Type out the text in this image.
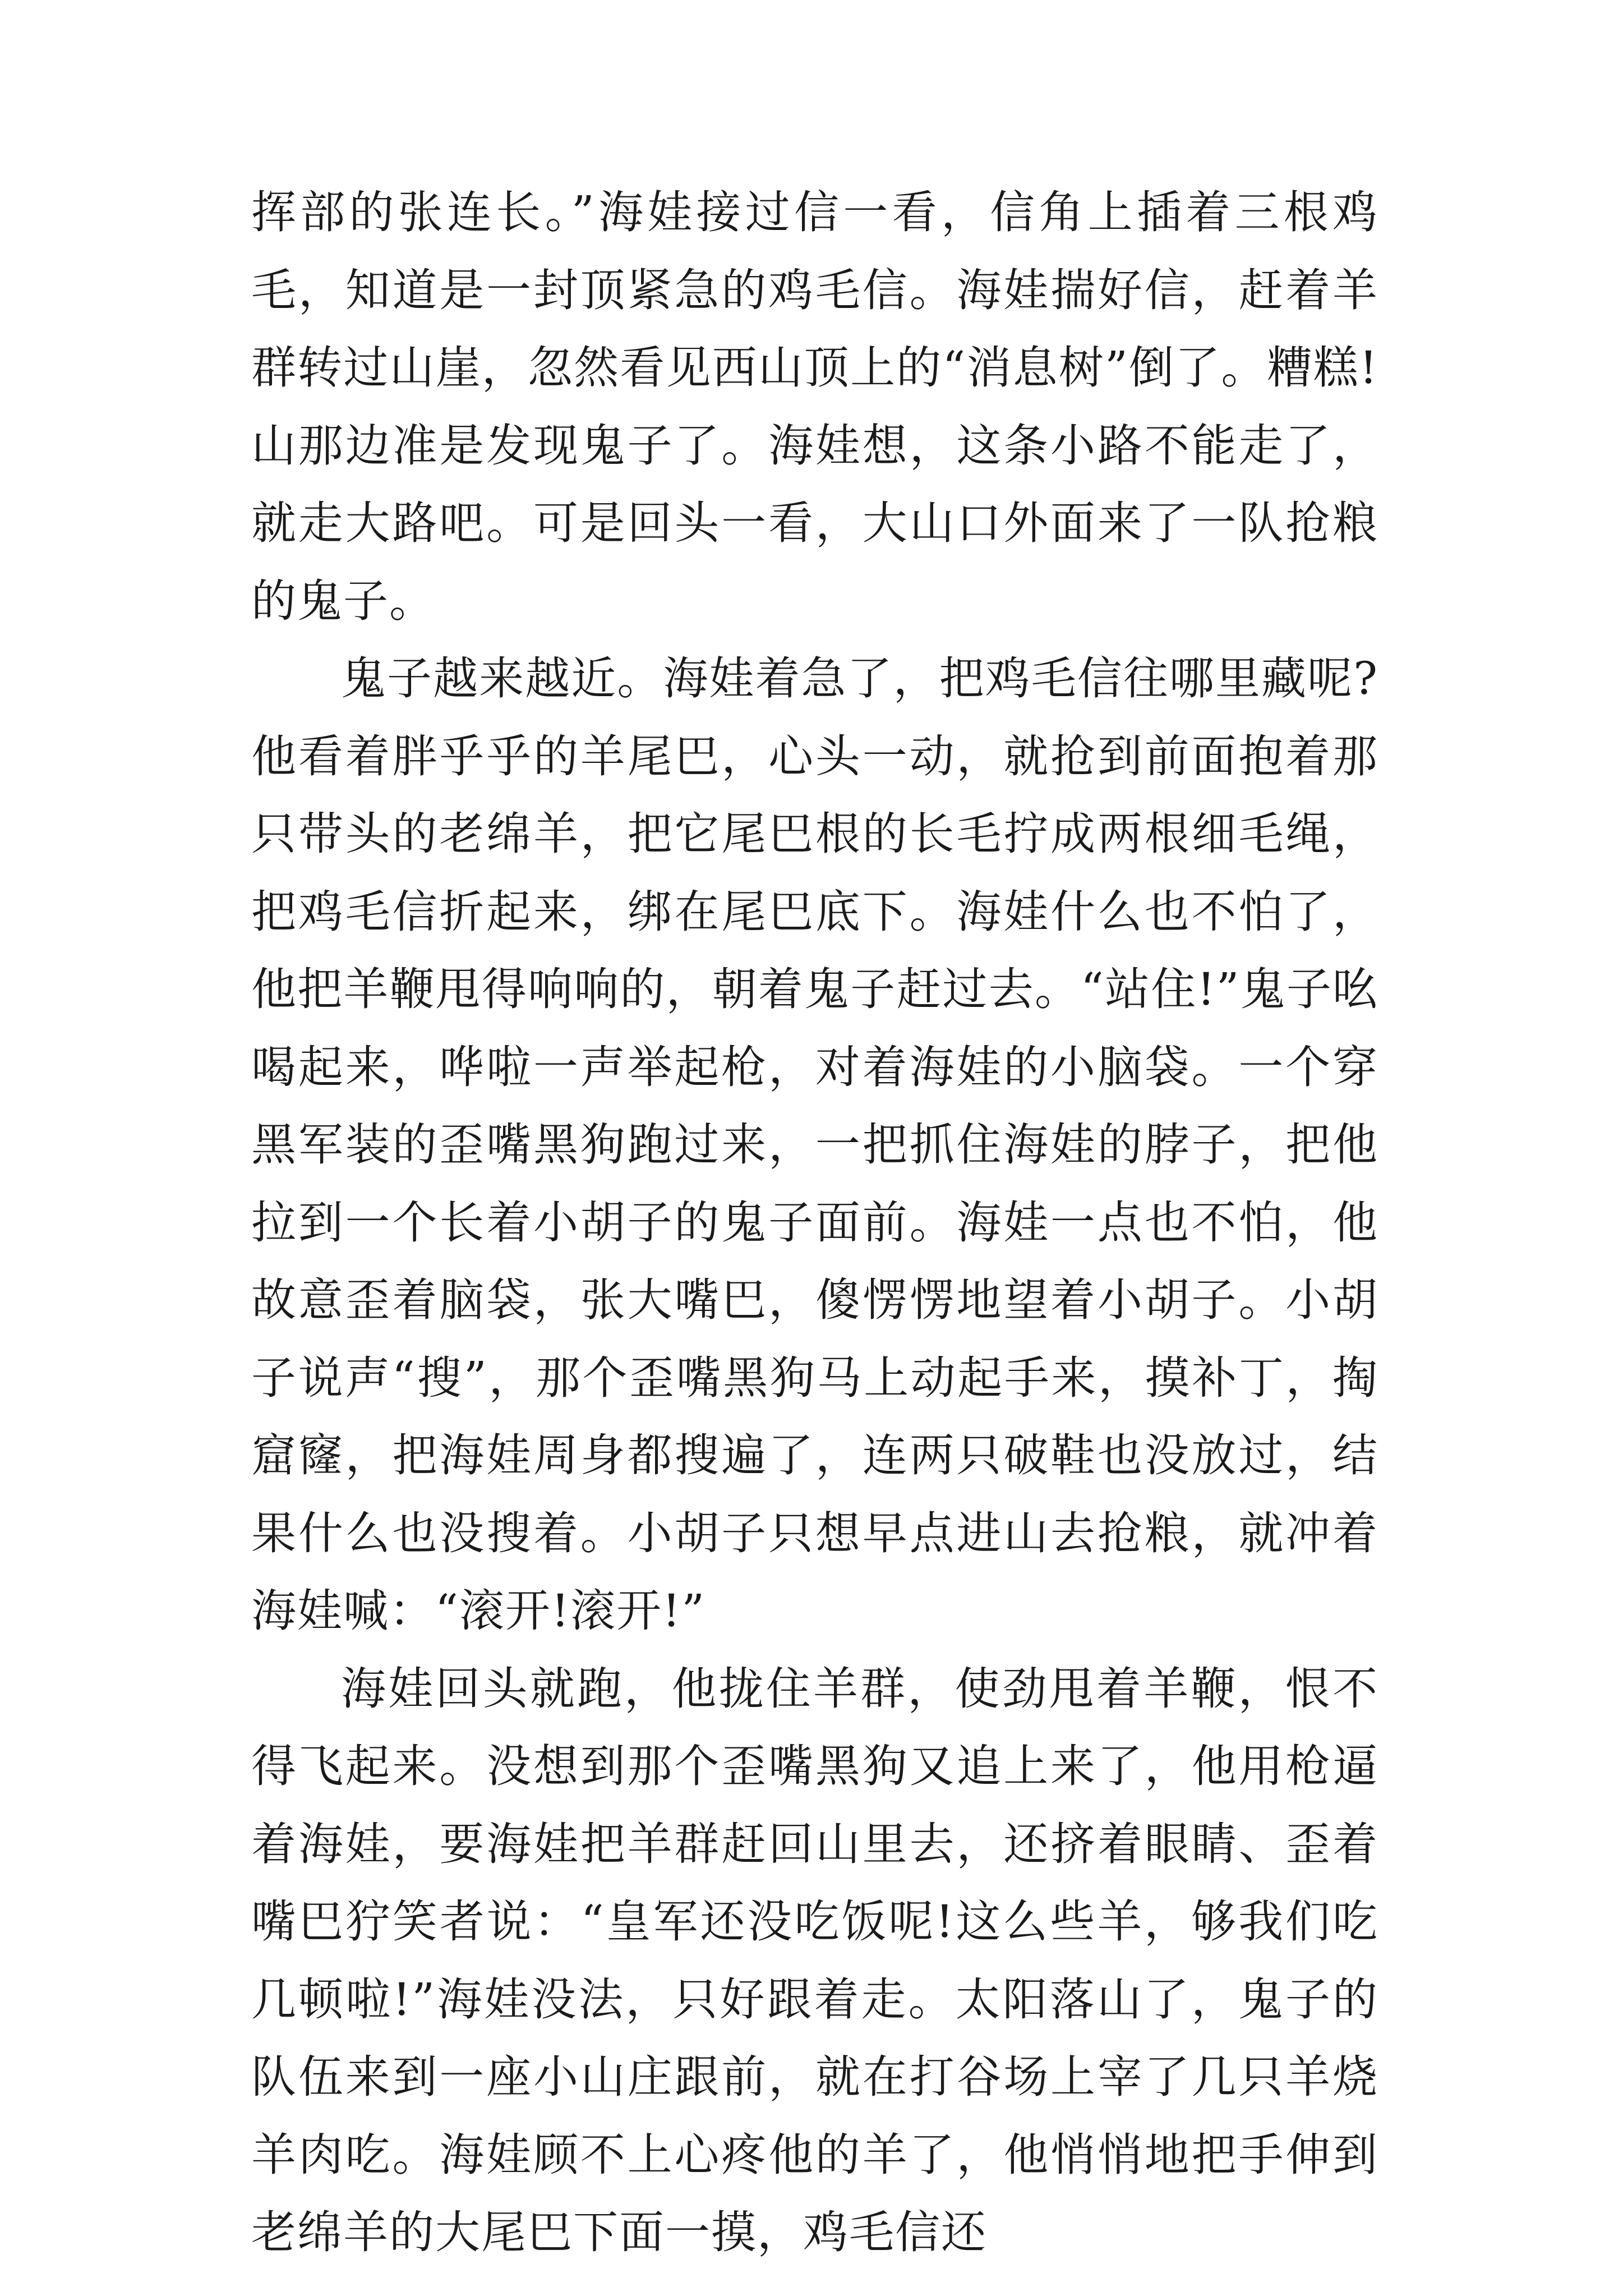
挥部的张连长。”海娃接过信一看，信角上插着三根鸡毛，知道是一封顶紧急的鸡毛信。海娃揣好信，赶着羊群转过山崖，忽然看见西山顶上的“消息树”倒了。糟糕!山那边准是发现鬼子了。海娃想，这条小路不能走了，就走大路吧。可是回头一看，大山口外面来了一队抢粮的鬼子。

鬼子越来越近。海娃着急了，把鸡毛信往哪里藏呢?他看着胖乎乎的羊尾巴，心头一动，就抢到前面抱着那只带头的老绵羊，把它尾巴根的长毛拧成两根细毛绳，把鸡毛信折起来，绑在尾巴底下。海娃什么也不怕了，他把羊鞭甩得响响的，朝着鬼子赶过去。“站住!”鬼子吆喝起来，哗啦一声举起枪，对着海娃的小脑袋。一个穿黑军装的歪嘴黑狗跑过来，一把抓住海娃的脖子，把他拉到一个长着小胡子的鬼子面前。海娃一点也不怕，他故意歪着脑袋，张大嘴巴，傻愣愣地望着小胡子。小胡子说声“搜”，那个歪嘴黑狗马上动起手来，摸补丁，掏窟窿，把海娃周身都搜遍了，连两只破鞋也没放过，结果什么也没搜着。小胡子只想早点进山去抢粮，就冲着海娃喊：“滚开!滚开!”

海娃回头就跑，他拢住羊群，使劲甩着羊鞭，恨不得飞起来。没想到那个歪嘴黑狗又追上来了，他用枪逼着海娃，要海娃把羊群赶回山里去，还挤着眼睛、歪着嘴巴狞笑者说：“皇军还没吃饭呢!这么些羊，够我们吃几顿啦!”海娃没法，只好跟着走。太阳落山了，鬼子的队伍来到一座小山庄跟前，就在打谷场上宰了几只羊烧羊肉吃。海娃顾不上心疼他的羊了，他悄悄地把手伸到老绵羊的大尾巴下面一摸，鸡毛信还
